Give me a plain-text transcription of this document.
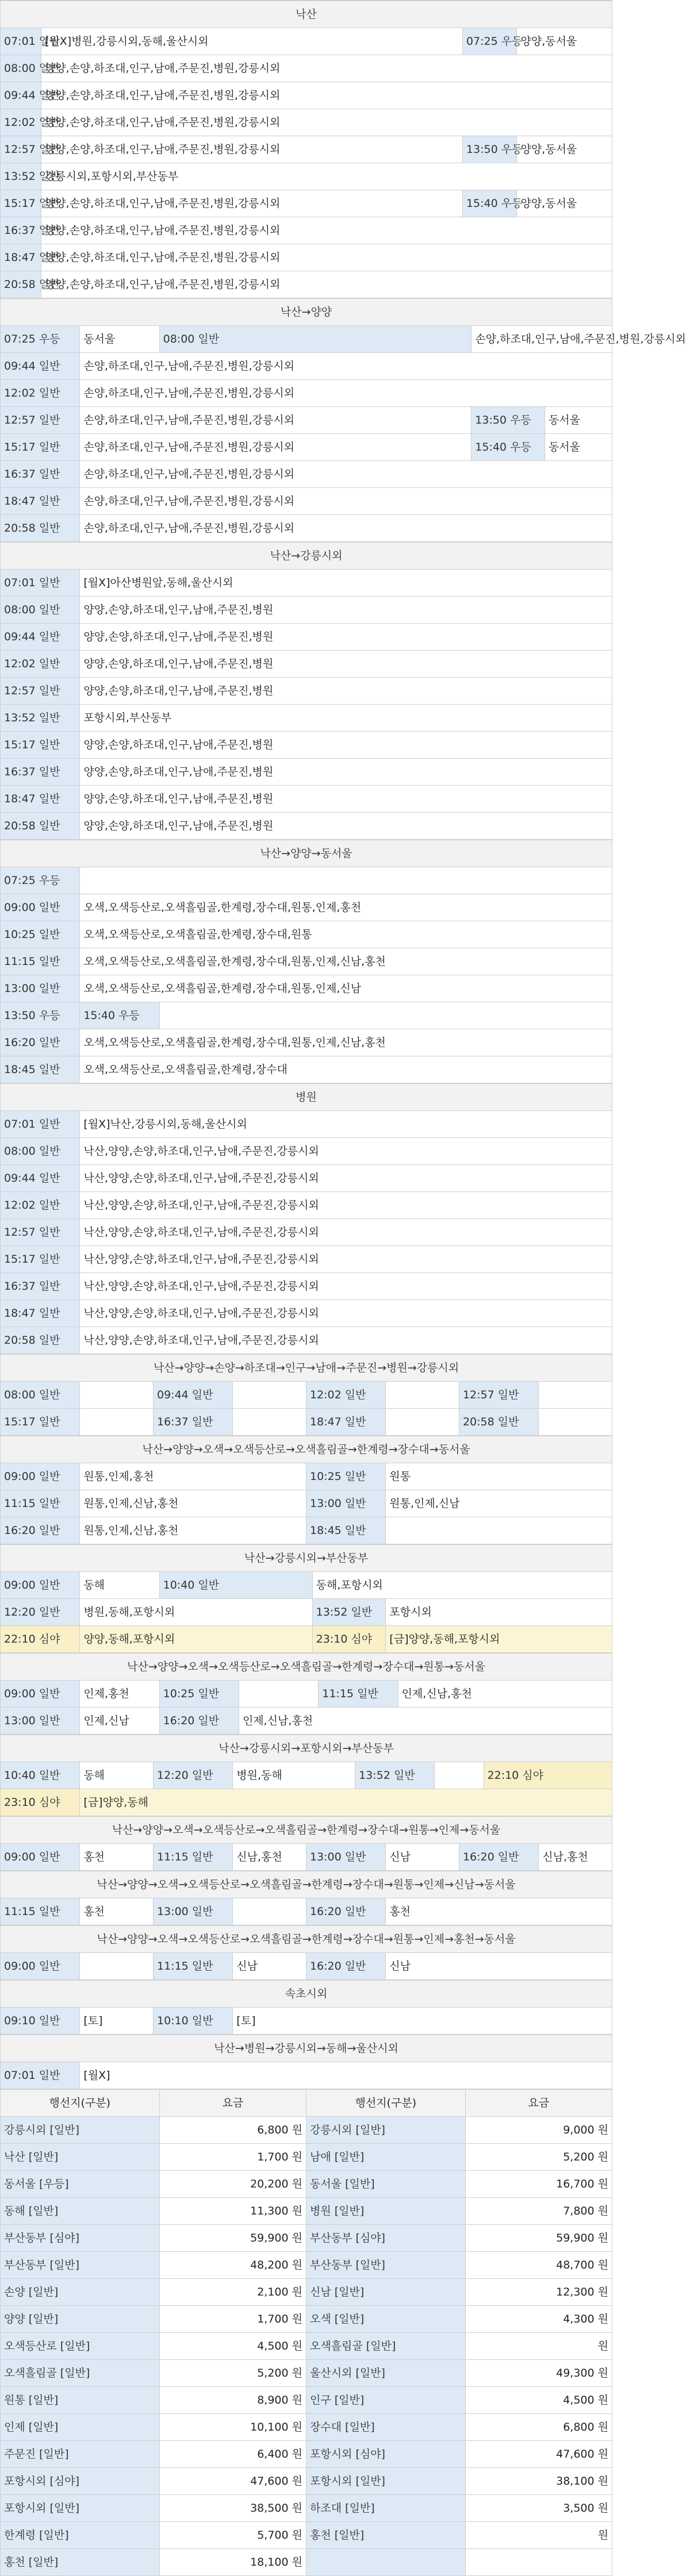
낙산			
07:01 일반	[월X]병원,강릉시외,동해,울산시외	07:25 우등	양양,동서울
08:00 일반	양양,손양,하조대,인구,남애,주문진,병원,강릉시외		
09:44 일반	양양,손양,하조대,인구,남애,주문진,병원,강릉시외		
12:02 일반	양양,손양,하조대,인구,남애,주문진,병원,강릉시외		
12:57 일반	양양,손양,하조대,인구,남애,주문진,병원,강릉시외	13:50 우등	양양,동서울
13:52 일반	강릉시외,포항시외,부산동부		
15:17 일반	양양,손양,하조대,인구,남애,주문진,병원,강릉시외	15:40 우등	양양,동서울
16:37 일반	양양,손양,하조대,인구,남애,주문진,병원,강릉시외		
18:47 일반	양양,손양,하조대,인구,남애,주문진,병원,강릉시외		
20:58 일반	양양,손양,하조대,인구,남애,주문진,병원,강릉시외		
낙산→양양				
07:25 우등	동서울	08:00 일반	손양,하조대,인구,남애,주문진,병원,강릉시외	
09:44 일반	손양,하조대,인구,남애,주문진,병원,강릉시외			
12:02 일반	손양,하조대,인구,남애,주문진,병원,강릉시외			
12:57 일반	손양,하조대,인구,남애,주문진,병원,강릉시외		13:50 우등	동서울
15:17 일반	손양,하조대,인구,남애,주문진,병원,강릉시외		15:40 우등	동서울
16:37 일반	손양,하조대,인구,남애,주문진,병원,강릉시외			
18:47 일반	손양,하조대,인구,남애,주문진,병원,강릉시외			
20:58 일반	손양,하조대,인구,남애,주문진,병원,강릉시외			
낙산→강릉시외	
07:01 일반	[월X]아산병원앞,동해,울산시외
08:00 일반	양양,손양,하조대,인구,남애,주문진,병원
09:44 일반	양양,손양,하조대,인구,남애,주문진,병원
12:02 일반	양양,손양,하조대,인구,남애,주문진,병원
12:57 일반	양양,손양,하조대,인구,남애,주문진,병원
13:52 일반	포항시외,부산동부
15:17 일반	양양,손양,하조대,인구,남애,주문진,병원
16:37 일반	양양,손양,하조대,인구,남애,주문진,병원
18:47 일반	양양,손양,하조대,인구,남애,주문진,병원
20:58 일반	양양,손양,하조대,인구,남애,주문진,병원
낙산→양양→동서울		
07:25 우등		
09:00 일반	오색,오색등산로,오색흘림골,한계령,장수대,원통,인제,홍천	
10:25 일반	오색,오색등산로,오색흘림골,한계령,장수대,원통	
11:15 일반	오색,오색등산로,오색흘림골,한계령,장수대,원통,인제,신남,홍천	
13:00 일반	오색,오색등산로,오색흘림골,한계령,장수대,원통,인제,신남	
13:50 우등	15:40 우등	
16:20 일반	오색,오색등산로,오색흘림골,한계령,장수대,원통,인제,신남,홍천	
18:45 일반	오색,오색등산로,오색흘림골,한계령,장수대	
병원	
07:01 일반	[월X]낙산,강릉시외,동해,울산시외
08:00 일반	낙산,양양,손양,하조대,인구,남애,주문진,강릉시외
09:44 일반	낙산,양양,손양,하조대,인구,남애,주문진,강릉시외
12:02 일반	낙산,양양,손양,하조대,인구,남애,주문진,강릉시외
12:57 일반	낙산,양양,손양,하조대,인구,남애,주문진,강릉시외
15:17 일반	낙산,양양,손양,하조대,인구,남애,주문진,강릉시외
16:37 일반	낙산,양양,손양,하조대,인구,남애,주문진,강릉시외
18:47 일반	낙산,양양,손양,하조대,인구,남애,주문진,강릉시외
20:58 일반	낙산,양양,손양,하조대,인구,남애,주문진,강릉시외
낙산→양양→손양→하조대→인구→남애→주문진→병원→강릉시외							
08:00 일반		09:44 일반		12:02 일반		12:57 일반	
15:17 일반		16:37 일반		18:47 일반		20:58 일반	
낙산→양양→오색→오색등산로→오색흘림골→한계령→장수대→동서울			
09:00 일반	원통,인제,홍천	10:25 일반	원통
11:15 일반	원통,인제,신남,홍천	13:00 일반	원통,인제,신남
16:20 일반	원통,인제,신남,홍천	18:45 일반	
낙산→강릉시외→부산동부				
09:00 일반	동해	10:40 일반	동해,포항시외	
12:20 일반	병원,동해,포항시외		13:52 일반	포항시외
22:10 심야	양양,동해,포항시외		23:10 심야	[금]양양,동해,포항시외
낙산→양양→오색→오색등산로→오색흘림골→한계령→장수대→원통→동서울					
09:00 일반	인제,홍천	10:25 일반		11:15 일반	인제,신남,홍천
13:00 일반	인제,신남	16:20 일반	인제,신남,홍천		
낙산→강릉시외→포항시외→부산동부							
10:40 일반	동해	12:20 일반	병원,동해	13:52 일반		22:10 심야	
23:10 심야	[금]양양,동해						
낙산→양양→오색→오색등산로→오색흘림골→한계령→장수대→원통→인제→동서울
09:00 일반	홍천	11:15 일반	신남,홍천	13:00 일반	신남	16:20 일반	신남,홍천
낙산→양양→오색→오색등산로→오색흘림골→한계령→장수대→원통→인제→신남→동서울
11:15 일반	홍천	13:00 일반		16:20 일반	홍천
낙산→양양→오색→오색등산로→오색흘림골→한계령→장수대→원통→인제→홍천→동서울
09:00 일반		11:15 일반	신남	16:20 일반	신남
속초시외
09:10 일반	[토]	10:10 일반	[토]
낙산→병원→강릉시외→동해→울산시외
07:01 일반	[월X]
행선지(구분)	요금	행선지(구분)	요금
강릉시외 [일반]	6,800 원	강릉시외 [일반]	9,000 원
낙산 [일반]	1,700 원	남애 [일반]	5,200 원
동서울 [우등]	20,200 원	동서울 [일반]	16,700 원
동해 [일반]	11,300 원	병원 [일반]	7,800 원
부산동부 [심야]	59,900 원	부산동부 [심야]	59,900 원
부산동부 [일반]	48,200 원	부산동부 [일반]	48,700 원
손양 [일반]	2,100 원	신남 [일반]	12,300 원
양양 [일반]	1,700 원	오색 [일반]	4,300 원
오색등산로 [일반]	4,500 원	오색흘림골 [일반]	원
오색흘림골 [일반]	5,200 원	울산시외 [일반]	49,300 원
원통 [일반]	8,900 원	인구 [일반]	4,500 원
인제 [일반]	10,100 원	장수대 [일반]	6,800 원
주문진 [일반]	6,400 원	포항시외 [심야]	47,600 원
포항시외 [심야]	47,600 원	포항시외 [일반]	38,100 원
포항시외 [일반]	38,500 원	하조대 [일반]	3,500 원
한계령 [일반]	5,700 원	홍천 [일반]	원
홍천 [일반]	18,100 원		
